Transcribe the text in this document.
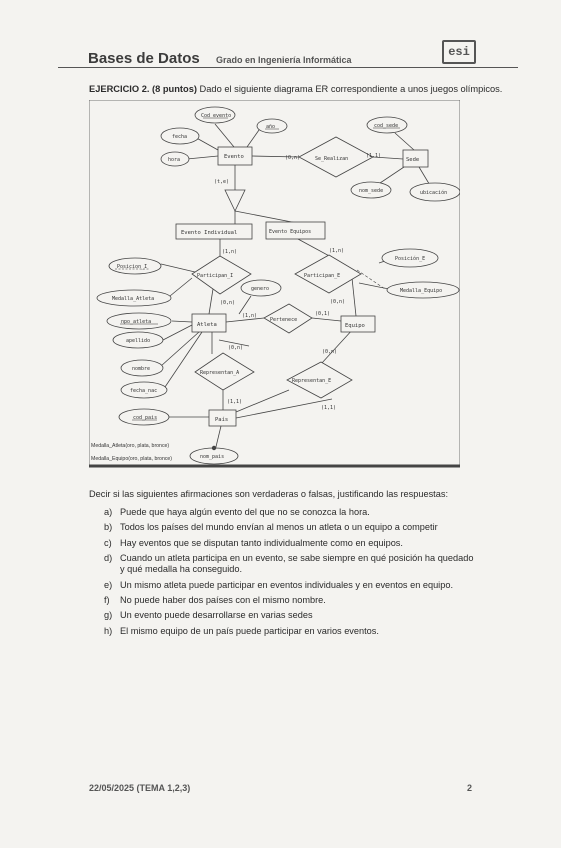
Bases de Datos Grado en Ingeniería Informática
esi
EJERCICIO 2. (8 puntos) Dado el siguiente diagrama ER correspondiente a unos juegos olímpicos.
Evento	Sede
Evento Individual	Evento Equipos
Atleta	Equipo
País
Se_Realizan
Participan_I	Participan_E
Pertenece
Representan_A
Representan_E
Cod evento
año
fecha
hora
cod_sede
nom_sede	ubicación
Posicion_I
Medalla_Atleta
Posición_E
Medalla_Equipo
genero
npo_atleta
apellido
nombre
fecha_nac
cod_pais
nom_pais
(0,n)	(1,1)
(t,e)
(1,n)
(0,n)
(1,n)
(0,n)
(1,n)	(0,1)
(0,n)
(1,1)
(0,n)
(1,1)
Medalla_Atleta(oro, plata, bronce)
Medalla_Equipo(oro, plata, bronce)
Decir si las siguientes afirmaciones son verdaderas o falsas, justificando las respuestas:
a) Puede que haya algún evento del que no se conozca la hora.
b) Todos los países del mundo envían al menos un atleta o un equipo a competir
c) Hay eventos que se disputan tanto individualmente como en equipos.
d) Cuando un atleta participa en un evento, se sabe siempre en qué posición ha quedado
y qué medalla ha conseguido.
e) Un mismo atleta puede participar en eventos individuales y en eventos en equipo.
f) No puede haber dos países con el mismo nombre.
g) Un evento puede desarrollarse en varias sedes
h) El mismo equipo de un país puede participar en varios eventos.
22/05/2025 (TEMA 1,2,3)	2
